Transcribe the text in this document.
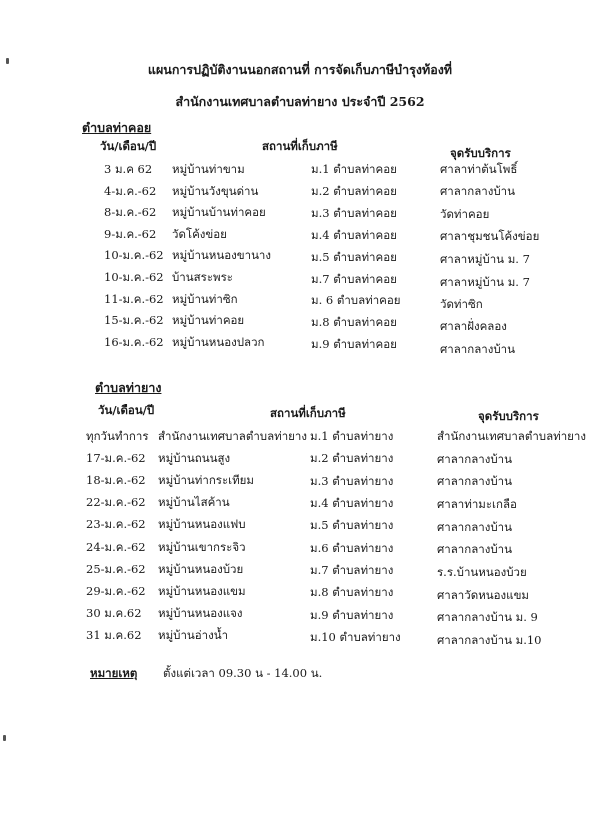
แผนการปฏิบัติงานนอกสถานที่ การจัดเก็บภาษีบำรุงท้องที่
สำนักงานเทศบาลตำบลท่ายาง ประจำปี 2562
ตำบลท่าคอย
วัน/เดือน/ปี	สถานที่เก็บภาษี	จุดรับบริการ
3 ม.ค 62 หมู่บ้านท่าขาม	ม.1 ตำบลท่าคอย	ศาลาท่าต้นโพธิ์
4-ม.ค.-62 หมู่บ้านวังขุนด่าน	ม.2 ตำบลท่าคอย	ศาลากลางบ้าน
8-ม.ค.-62 หมู่บ้านบ้านท่าคอย	ม.3 ตำบลท่าคอย	วัดท่าคอย
9-ม.ค.-62 วัดโค้งข่อย	ม.4 ตำบลท่าคอย	ศาลาชุมชนโค้งข่อย
10-ม.ค.-62 หมู่บ้านหนองขานาง	ม.5 ตำบลท่าคอย	ศาลาหมู่บ้าน ม. 7
10-ม.ค.-62 บ้านสระพระ	ม.7 ตำบลท่าคอย	ศาลาหมู่บ้าน ม. 7
11-ม.ค.-62 หมู่บ้านท่าซิก	ม. 6 ตำบลท่าคอย	วัดท่าซิก
15-ม.ค.-62 หมู่บ้านท่าคอย	ม.8 ตำบลท่าคอย	ศาลาฝั่งคลอง
16-ม.ค.-62 หมู่บ้านหนองปลวก	ม.9 ตำบลท่าคอย	ศาลากลางบ้าน
ตำบลท่ายาง
วัน/เดือน/ปี	สถานที่เก็บภาษี	จุดรับบริการ
ทุกวันทำการ สำนักงานเทศบาลตำบลท่ายาง ม.1 ตำบลท่ายาง	สำนักงานเทศบาลตำบลท่ายาง
17-ม.ค.-62 หมู่บ้านถนนสูง	ม.2 ตำบลท่ายาง	ศาลากลางบ้าน
18-ม.ค.-62 หมู่บ้านท่ากระเทียม	ม.3 ตำบลท่ายาง	ศาลากลางบ้าน
22-ม.ค.-62 หมู่บ้านไสค้าน	ม.4 ตำบลท่ายาง	ศาลาท่ามะเกลือ
23-ม.ค.-62 หมู่บ้านหนองแฟบ	ม.5 ตำบลท่ายาง	ศาลากลางบ้าน
24-ม.ค.-62 หมู่บ้านเขากระจิว	ม.6 ตำบลท่ายาง	ศาลากลางบ้าน
25-ม.ค.-62 หมู่บ้านหนองบ้วย	ม.7 ตำบลท่ายาง	ร.ร.บ้านหนองบ้วย
29-ม.ค.-62 หมู่บ้านหนองแขม	ม.8 ตำบลท่ายาง	ศาลาวัดหนองแขม
30 ม.ค.62 หมู่บ้านหนองแจง	ม.9 ตำบลท่ายาง	ศาลากลางบ้าน ม. 9
31 ม.ค.62 หมู่บ้านอ่างน้ำ	ม.10 ตำบลท่ายาง	ศาลากลางบ้าน ม.10
หมายเหตุ ตั้งแต่เวลา 09.30 น - 14.00 น.
